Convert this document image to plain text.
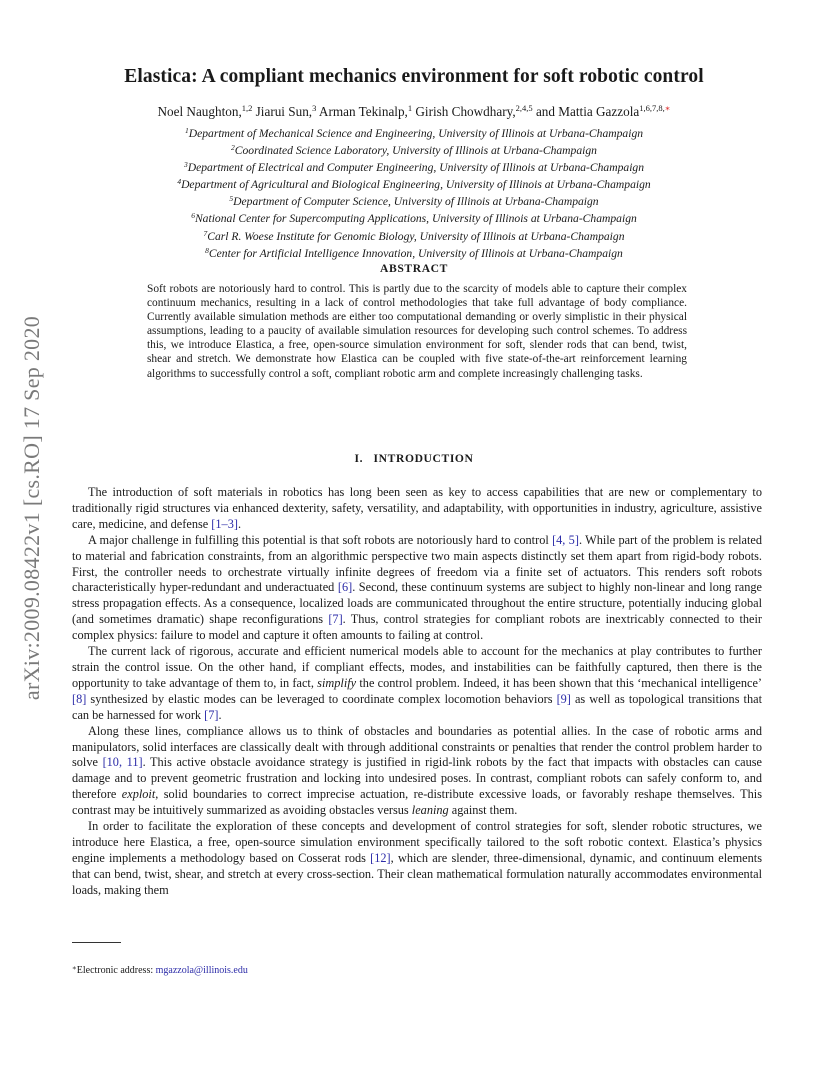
arXiv:2009.08422v1 [cs.RO] 17 Sep 2020
Elastica: A compliant mechanics environment for soft robotic control
Noel Naughton,$^{1,2}$ Jiarui Sun,$^3$ Arman Tekinalp,$^1$ Girish Chowdhary,$^{2,4,5}$ and Mattia Gazzola$^{1,6,7,8,∗}$
$^1$Department of Mechanical Science and Engineering, University of Illinois at Urbana-Champaign
$^2$Coordinated Science Laboratory, University of Illinois at Urbana-Champaign
$^3$Department of Electrical and Computer Engineering, University of Illinois at Urbana-Champaign
$^4$Department of Agricultural and Biological Engineering, University of Illinois at Urbana-Champaign
$^5$Department of Computer Science, University of Illinois at Urbana-Champaign
$^6$National Center for Supercomputing Applications, University of Illinois at Urbana-Champaign
$^7$Carl R. Woese Institute for Genomic Biology, University of Illinois at Urbana-Champaign
$^8$Center for Artificial Intelligence Innovation, University of Illinois at Urbana-Champaign
ABSTRACT

Soft robots are notoriously hard to control. This is partly due to the scarcity of models able to capture their complex continuum mechanics, resulting in a lack of control methodologies that take full advantage of body compliance. Currently available simulation methods are either too computational demanding or overly simplistic in their physical assumptions, leading to a paucity of available simulation resources for developing such control schemes. To address this, we introduce Elastica, a free, open-source simulation environment for soft, slender rods that can bend, twist, shear and stretch. We demonstrate how Elastica can be coupled with five state-of-the-art reinforcement learning algorithms to successfully control a soft, compliant robotic arm and complete increasingly challenging tasks.

I.   INTRODUCTION

The introduction of soft materials in robotics has long been seen as key to access capabilities that are new or complementary to traditionally rigid structures via enhanced dexterity, safety, versatility, and adaptability, with opportunities in industry, agriculture, assistive care, medicine, and defense [1–3].

A major challenge in fulfilling this potential is that soft robots are notoriously hard to control [4, 5]. While part of the problem is related to material and fabrication constraints, from an algorithmic perspective two main aspects distinctly set them apart from rigid-body robots. First, the controller needs to orchestrate virtually infinite degrees of freedom via a finite set of actuators. This renders soft robots characteristically hyper-redundant and underactuated [6]. Second, these continuum systems are subject to highly non-linear and long range stress propagation effects. As a consequence, localized loads are communicated throughout the entire structure, potentially inducing global (and sometimes dramatic) shape reconfigurations [7]. Thus, control strategies for compliant robots are inextricably connected to their complex physics: failure to model and capture it often amounts to failing at control.

The current lack of rigorous, accurate and efficient numerical models able to account for the mechanics at play contributes to further strain the control issue. On the other hand, if compliant effects, modes, and instabilities can be faithfully captured, then there is the opportunity to take advantage of them to, in fact, simplify the control problem. Indeed, it has been shown that this ‘mechanical intelligence’ [8] synthesized by elastic modes can be leveraged to coordinate complex locomotion behaviors [9] as well as topological transitions that can be harnessed for work [7].

Along these lines, compliance allows us to think of obstacles and boundaries as potential allies. In the case of robotic arms and manipulators, solid interfaces are classically dealt with through additional constraints or penalties that render the control problem harder to solve [10, 11]. This active obstacle avoidance strategy is justified in rigid-link robots by the fact that impacts with obstacles can cause damage and to prevent geometric frustration and locking into undesired poses. In contrast, compliant robots can safely conform to, and therefore exploit, solid boundaries to correct imprecise actuation, re-distribute excessive loads, or favorably reshape themselves. This contrast may be intuitively summarized as avoiding obstacles versus leaning against them.

In order to facilitate the exploration of these concepts and development of control strategies for soft, slender robotic structures, we introduce here Elastica, a free, open-source simulation environment specifically tailored to the soft robotic context. Elastica’s physics engine implements a methodology based on Cosserat rods [12], which are slender, three-dimensional, dynamic, and continuum elements that can bend, twist, shear, and stretch at every cross-section. Their clean mathematical formulation naturally accommodates environmental loads, making them

∗Electronic address: mgazzola@illinois.edu
